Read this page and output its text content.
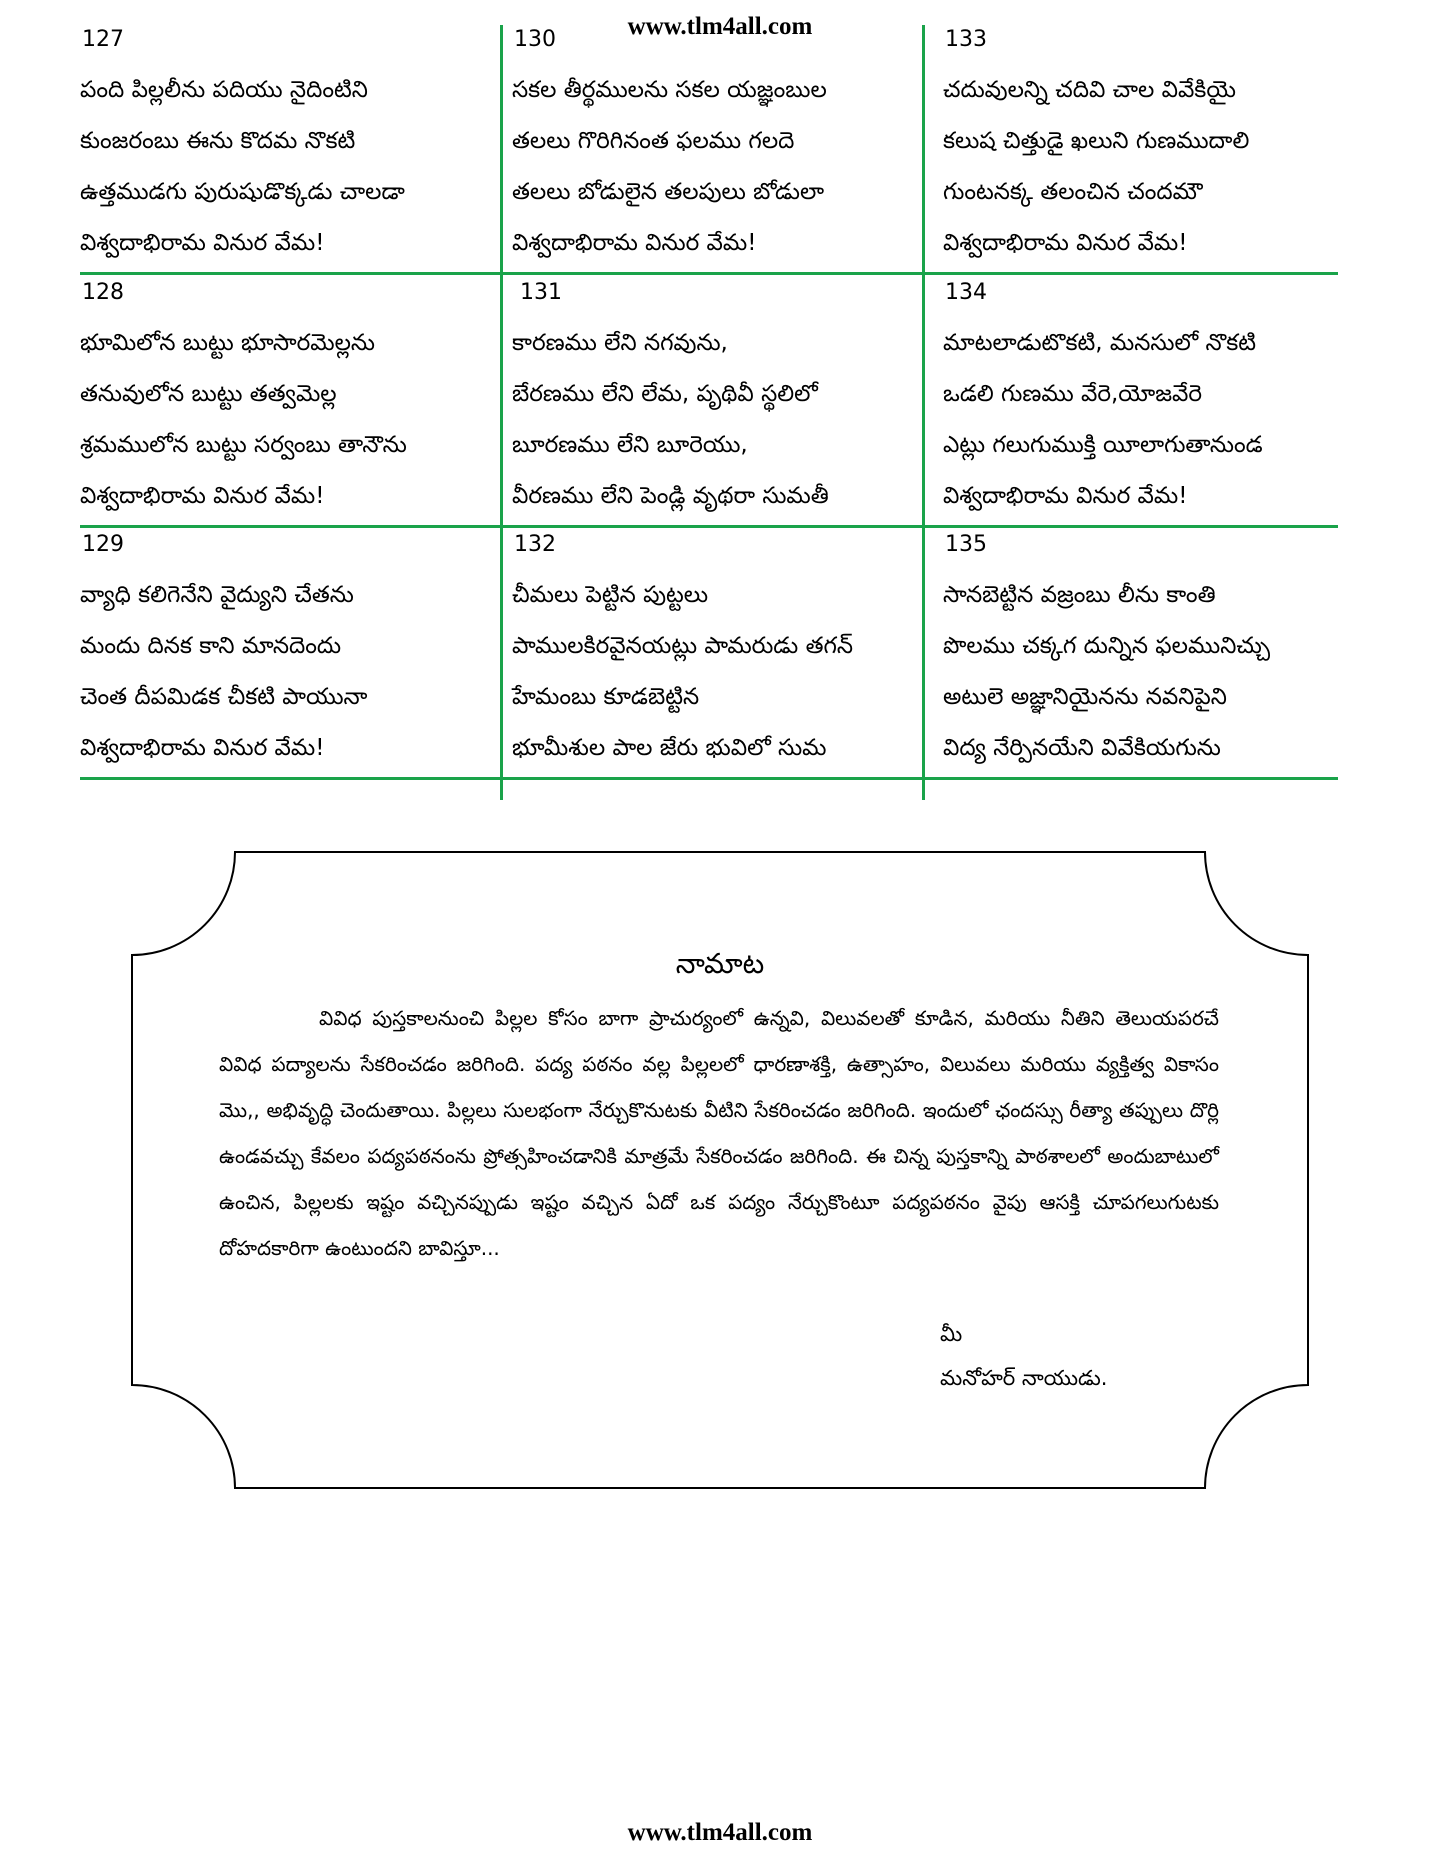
www.tlm4all.com
127
పంది పిల్లలీను పదియు నైదింటిని
కుంజరంబు ఈను కొదమ నొకటి
ఉత్తముడగు పురుషుడొక్కడు చాలడా
విశ్వదాభిరామ వినుర వేమ!
130
సకల తీర్థములను సకల యజ్ఞంబుల
తలలు గొరిగినంత ఫలము గలదె
తలలు బోడులైన తలపులు బోడులా
విశ్వదాభిరామ వినుర వేమ!
133
చదువులన్ని చదివి చాల వివేకియై
కలుష చిత్తుడై ఖలుని గుణముదాలి
గుంటనక్క తలంచిన చందమౌ
విశ్వదాభిరామ వినుర వేమ!
128
భూమిలోన బుట్టు భూసారమెల్లను
తనువులోన బుట్టు తత్వమెల్ల
శ్రమములోన బుట్టు సర్వంబు తానౌను
విశ్వదాభిరామ వినుర వేమ!
131
కారణము లేని నగవును,
బేరణము లేని లేమ, పృథివీ స్థలిలో
బూరణము లేని బూరెయు,
వీరణము లేని పెండ్లి వృథరా సుమతీ
134
మాటలాడుటొకటి, మనసులో నొకటి
ఒడలి గుణము వేరె,యోజవేరె
ఎట్లు గలుగుముక్తి యీలాగుతానుండ
విశ్వదాభిరామ వినుర వేమ!
129
వ్యాధి కలిగెనేని వైద్యుని చేతను
మందు దినక కాని మానదెందు
చెంత దీపమిడక చీకటి పాయునా
విశ్వదాభిరామ వినుర వేమ!
132
చీమలు పెట్టిన పుట్టలు
పాములకిరవైనయట్లు పామరుడు తగన్
హేమంబు కూడబెట్టిన
భూమీశుల పాల జేరు భువిలో సుమ
135
సానబెట్టిన వజ్రంబు లీను కాంతి
పొలము చక్కగ దున్నిన ఫలమునిచ్చు
అటులె అజ్ఞానియైనను నవనిపైని
విద్య నేర్పినయేని వివేకియగును
నామాట

వివిధ పుస్తకాలనుంచి పిల్లల కోసం బాగా ప్రాచుర్యంలో ఉన్నవి, విలువలతో కూడిన, మరియు నీతిని తెలుయపరచే వివిధ పద్యాలను సేకరించడం జరిగింది. పద్య పఠనం వల్ల పిల్లలలో ధారణాశక్తి, ఉత్సాహం, విలువలు మరియు వ్యక్తిత్వ వికాసం మొ,, అభివృద్ధి చెందుతాయి. పిల్లలు సులభంగా నేర్చుకొనుటకు వీటిని సేకరించడం జరిగింది. ఇందులో ఛందస్సు రీత్యా తప్పులు దొర్లి ఉండవచ్చు కేవలం పద్యపఠనంను ప్రోత్సహించడానికి మాత్రమే సేకరించడం జరిగింది. ఈ చిన్న పుస్తకాన్ని పాఠశాలలో అందుబాటులో ఉంచిన, పిల్లలకు ఇష్టం వచ్చినప్పుడు ఇష్టం వచ్చిన ఏదో ఒక పద్యం నేర్చుకొంటూ పద్యపఠనం వైపు ఆసక్తి చూపగలుగుటకు దోహదకారిగా ఉంటుందని బావిస్తూ...

మీ
మనోహర్ నాయుడు.
www.tlm4all.com
